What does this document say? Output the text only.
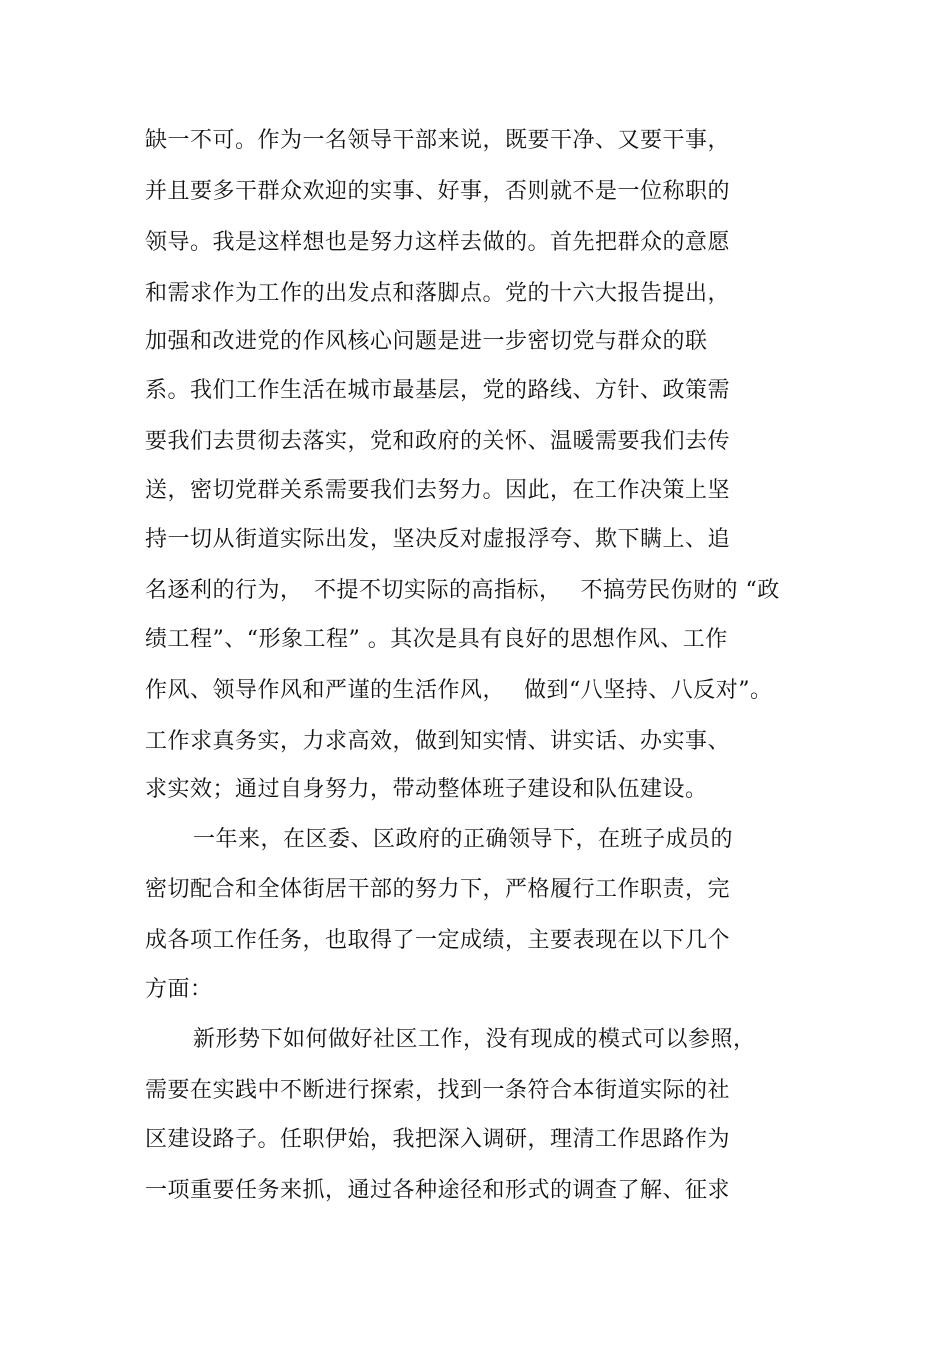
缺一不可。作为一名领导干部来说，既要干净、又要干事，
并且要多干群众欢迎的实事、好事，否则就不是一位称职的
领导。我是这样想也是努力这样去做的。首先把群众的意愿
和需求作为工作的出发点和落脚点。党的十六大报告提出，
加强和改进党的作风核心问题是进一步密切党与群众的联
系。我们工作生活在城市最基层，党的路线、方针、政策需
要我们去贯彻去落实，党和政府的关怀、温暖需要我们去传
送，密切党群关系需要我们去努力。因此，在工作决策上坚
持一切从街道实际出发，坚决反对虚报浮夸、欺下瞒上、追
名逐利的行为，　不提不切实际的高指标，　 不搞劳民伤财的 “政
绩工程”、“形象工程” 。其次是具有良好的思想作风、工作
作风、领导作风和严谨的生活作风，　 做到“八坚持、八反对”。
工作求真务实，力求高效，做到知实情、讲实话、办实事、
求实效；通过自身努力，带动整体班子建设和队伍建设。
一年来，在区委、区政府的正确领导下，在班子成员的
密切配合和全体街居干部的努力下，严格履行工作职责，完
成各项工作任务，也取得了一定成绩，主要表现在以下几个
方面：
新形势下如何做好社区工作，没有现成的模式可以参照，
需要在实践中不断进行探索，找到一条符合本街道实际的社
区建设路子。任职伊始，我把深入调研，理清工作思路作为
一项重要任务来抓，通过各种途径和形式的调查了解、征求
